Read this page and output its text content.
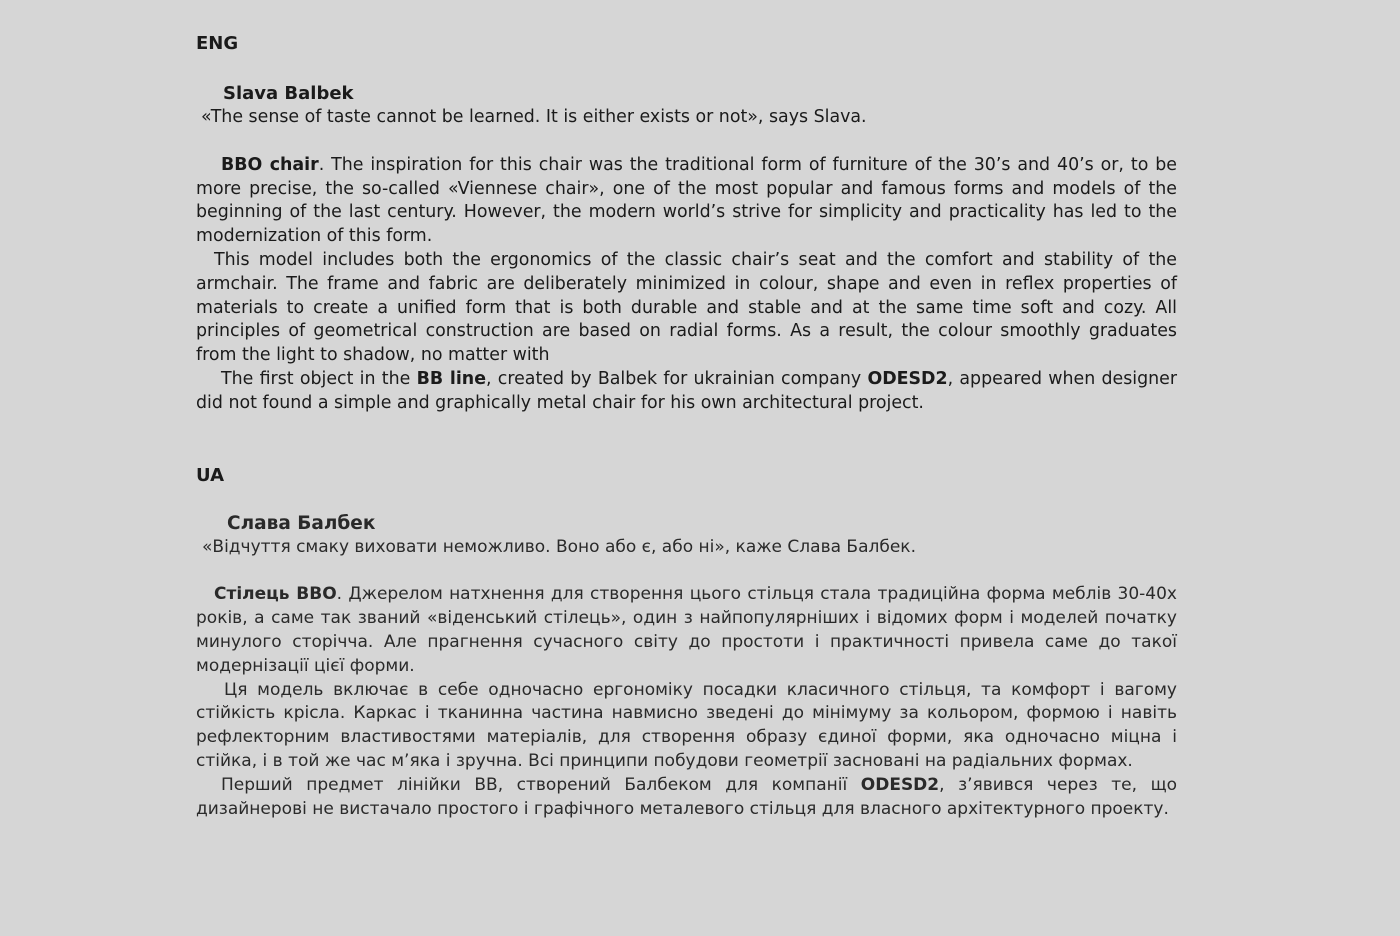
ENG
Slava Balbek

«The sense of taste cannot be learned. It is either exists or not», says Slava.

BBO chair. The inspiration for this chair was the traditional form of furniture of the 30’s and 40’s or, to be more precise, the so-called «Viennese chair», one of the most popular and famous forms and models of the beginning of the last century. However, the modern world’s strive for simplicity and practicality has led to the modernization of this form.

This model includes both the ergonomics of the classic chair’s seat and the comfort and stability of the armchair. The frame and fabric are deliberately minimized in colour, shape and even in reflex properties of materials to create a unified form that is both durable and stable and at the same time soft and cozy. All principles of geometrical construction are based on radial forms. As a result, the colour smoothly graduates from the light to shadow, no matter with

The first object in the BB line, created by Balbek for ukrainian company ODESD2, appeared when designer did not found a simple and graphically metal chair for his own architectural project.

UA
Слава Балбек

«Відчуття смаку виховати неможливо. Воно або є, або ні», каже Слава Балбек.

Стілець BBO. Джерелом натхнення для створення цього стільця стала традиційна форма меблів 30-40х років, а саме так званий «віденський стілець», один з найпопулярніших і відомих форм і моделей початку минулого сторічча. Але прагнення сучасного світу до простоти і практичності привела саме до такої модернізації цієї форми.

Ця модель включає в себе одночасно ергономіку посадки класичного стільця, та комфорт і вагому стійкість крісла. Каркас і тканинна частина навмисно зведені до мінімуму за кольором, формою і навіть рефлекторним властивостями матеріалів, для створення образу єдиної форми, яка одночасно міцна і стійка, і в той же час м’яка і зручна. Всі принципи побудови геометрії засновані на радіальних формах.

Перший предмет лінійки BB, створений Балбеком для компанії ODESD2, з’явився через те, що дизайнерові не вистачало простого і графічного металевого стільця для власного архітектурного проекту.
